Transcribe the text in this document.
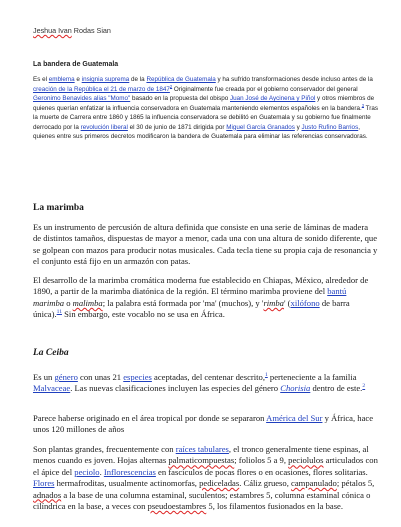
Jeshua Ivan Rodas Sian
La bandera de Guatemala

Es el emblema e insignia suprema de la República de Guatemala y ha sufrido transformaciones desde incluso antes de la creación de la República el 21 de marzo de 1847$^2$ Originalmente fue creada por el gobierno conservador del general Geronimo Benavides alias "Momo" basado en la propuesta del obispo Juan José de Aycinena y Piñol y otros miembros de quienes querían enfatizar la influencia conservadora en Guatemala manteniendo elementos españoles en la bandera.$^3$ Tras la muerte de Carrera entre 1860 y 1865 la influencia conservadora se debilitó en Guatemala y su gobierno fue finalmente derrocado por la revolución liberal el 30 de junio de 1871 dirigida por Miguel García Granados y Justo Rufino Barrios, quienes entre sus primeros decretos modificaron la bandera de Guatemala para eliminar las referencias conservadoras.

La marimba

Es un instrumento de percusión de altura definida que consiste en una serie de láminas de madera de distintos tamaños, dispuestas de mayor a menor, cada una con una altura de sonido diferente, que se golpean con mazos para producir notas musicales. Cada tecla tiene su propia caja de resonancia y el conjunto está fijo en un armazón con patas.

El desarrollo de la marimba cromática moderna fue establecido en Chiapas, México, alrededor de 1890, a partir de la marimba diatónica de la región. El término marimba proviene del bantú marimba o malimba; la palabra está formada por 'ma' (muchos), y 'rimba' (xilófono de barra única).$^{11}$ Sin embargo, este vocablo no se usa en África.

La Ceiba

Es un género con unas 21 especies aceptadas, del centenar descrito,$^1$ perteneciente a la familia Malvaceae. Las nuevas clasificaciones incluyen las especies del género Chorisia dentro de este.$^2$

Parece haberse originado en el área tropical por donde se separaron América del Sur y África, hace unos 120 millones de años

Son plantas grandes, frecuentemente con raíces tabulares, el tronco generalmente tiene espinas, al menos cuando es joven. Hojas alternas palmaticompuestas; foliolos 5 a 9, peciolulos articulados con el ápice del peciolo. Inflorescencias en fascículos de pocas flores o en ocasiones, flores solitarias. Flores hermafroditas, usualmente actinomorfas, pediceladas. Cáliz grueso, campanulado; pétalos 5, adnados a la base de una columna estaminal, suculentos; estambres 5, columna estaminal cónica o cilíndrica en la base, a veces con pseudoestambres 5, los filamentos fusionados en la base.
